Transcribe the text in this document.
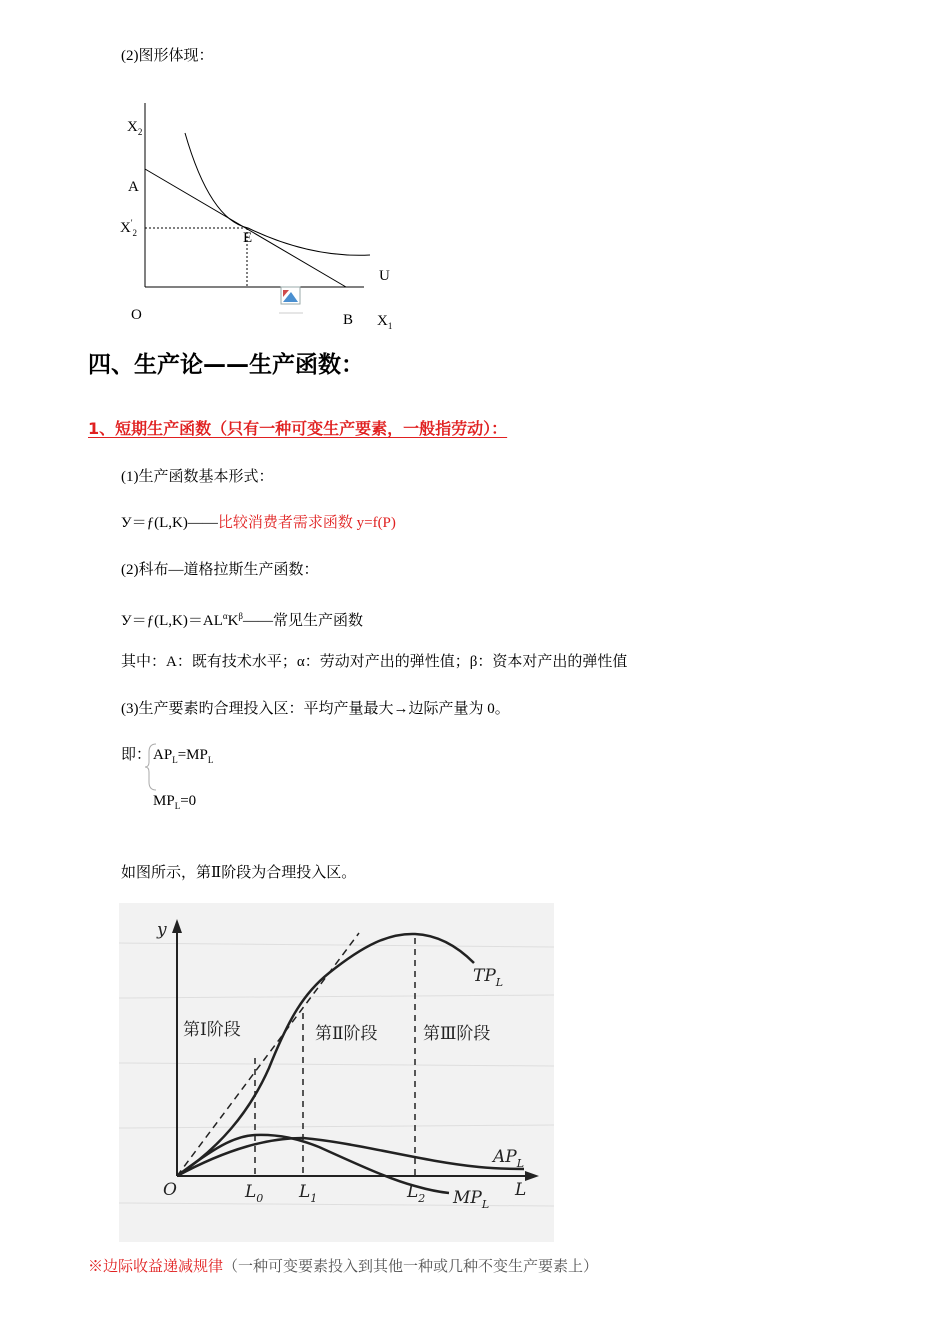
(2)图形体现：
$X_2$
A
$X'_2$	E
U
O	B $X_1$
四、生产论——生产函数：
1、短期生产函数（只有一种可变生产要素，一般指劳动）：
(1)生产函数基本形式：
У＝ƒ(L,K)——比较消费者需求函数 y=f(P)
(2)科布—道格拉斯生产函数：
$У=ƒ(L,K)=AL^\alpha K^\beta——$常见生产函数
其中：A：既有技术水平；α：劳动对产出的弹性值；β：资本对产出的弹性值
(3)生产要素旳合理投入区：平均产量最大→边际产量为 0。
即： $AP_L=MP_L$
$MP_L=0$
如图所示，第Ⅱ阶段为合理投入区。
y
第Ⅰ阶段	第Ⅱ阶段	第Ⅲ阶段
$TP_L$
$AP_L$
$MP_L$
O	$L_0$ $L_1$	$L_2$	L
※边际收益递减规律（一种可变要素投入到其他一种或几种不变生产要素上）
